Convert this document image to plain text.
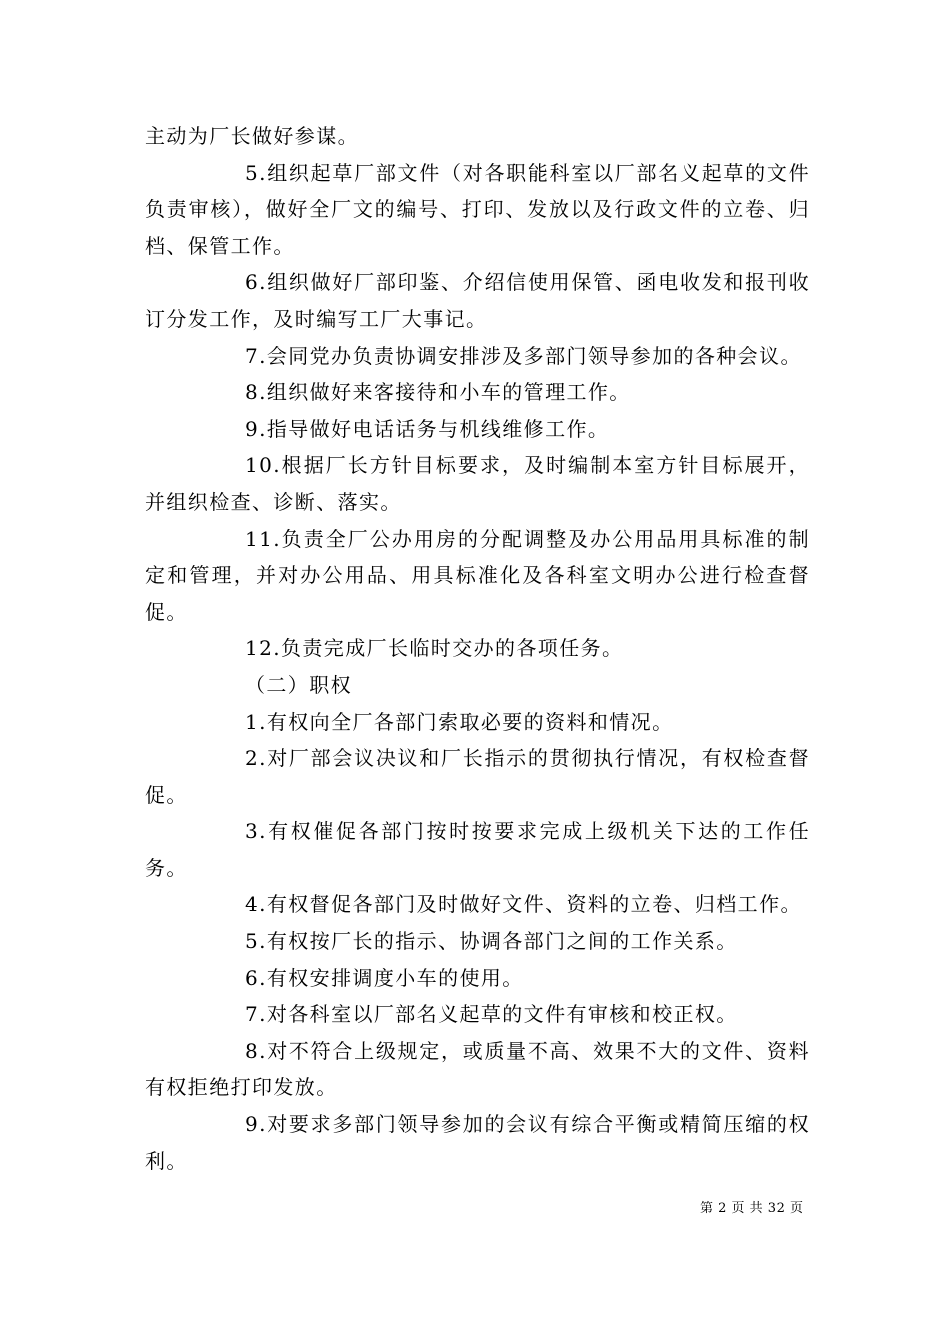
主动为厂长做好参谋。

5.组织起草厂部文件（对各职能科室以厂部名义起草的文件负责审核），做好全厂文的编号、打印、发放以及行政文件的立卷、归档、保管工作。

6.组织做好厂部印鉴、介绍信使用保管、函电收发和报刊收订分发工作，及时编写工厂大事记。

7.会同党办负责协调安排涉及多部门领导参加的各种会议。

8.组织做好来客接待和小车的管理工作。

9.指导做好电话话务与机线维修工作。

10.根据厂长方针目标要求，及时编制本室方针目标展开，并组织检查、诊断、落实。

11.负责全厂公办用房的分配调整及办公用品用具标准的制定和管理，并对办公用品、用具标准化及各科室文明办公进行检查督促。

12.负责完成厂长临时交办的各项任务。

（二）职权

1.有权向全厂各部门索取必要的资料和情况。

2.对厂部会议决议和厂长指示的贯彻执行情况，有权检查督促。

3.有权催促各部门按时按要求完成上级机关下达的工作任务。

4.有权督促各部门及时做好文件、资料的立卷、归档工作。

5.有权按厂长的指示、协调各部门之间的工作关系。

6.有权安排调度小车的使用。

7.对各科室以厂部名义起草的文件有审核和校正权。

8.对不符合上级规定，或质量不高、效果不大的文件、资料有权拒绝打印发放。

9.对要求多部门领导参加的会议有综合平衡或精简压缩的权利。

第 2 页 共 32 页
